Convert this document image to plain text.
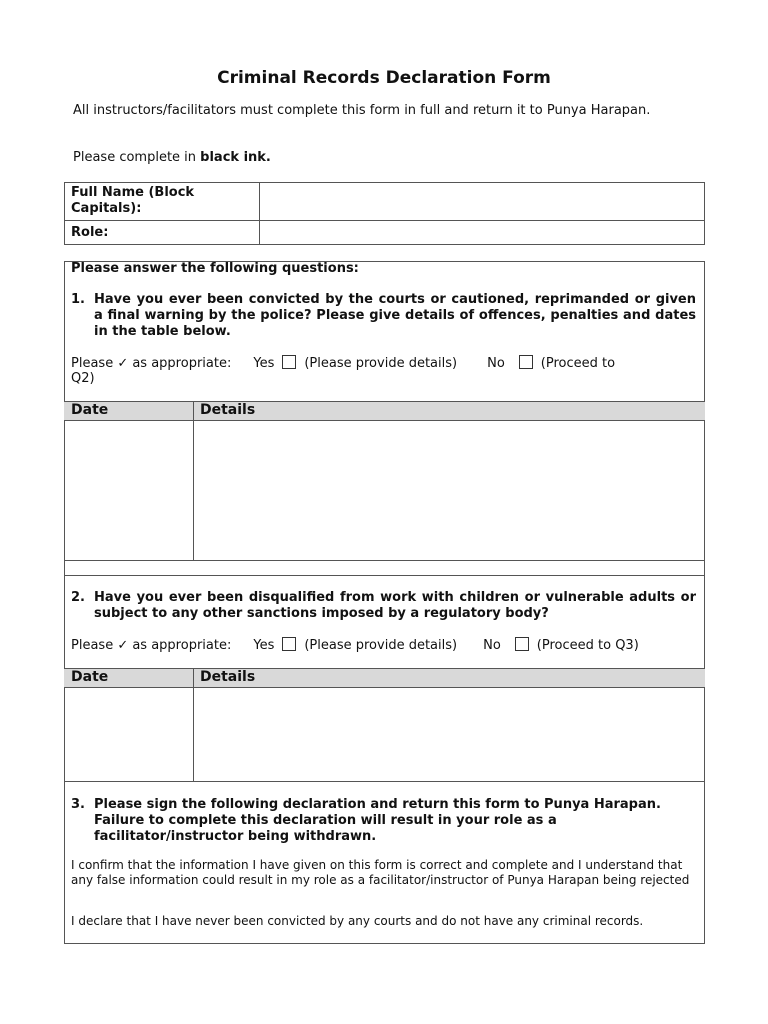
Criminal Records Declaration Form
All instructors/facilitators must complete this form in full and return it to Punya Harapan.
Please complete in black ink.
Full Name (Block Capitals):
Role:
Please answer the following questions:
1. Have you ever been convicted by the courts or cautioned, reprimanded or given a final warning by the police? Please give details of offences, penalties and dates in the table below.
Please ✓ as appropriate: Yes (Please provide details) No	(Proceed to
Q2)
Date	Details
2. Have you ever been disqualified from work with children or vulnerable adults or subject to any other sanctions imposed by a regulatory body?
Please ✓ as appropriate: Yes (Please provide details) No	(Proceed to Q3)
Date	Details
3. Please sign the following declaration and return this form to Punya Harapan. Failure to complete this declaration will result in your role as a facilitator/instructor being withdrawn.
I confirm that the information I have given on this form is correct and complete and I understand that any false information could result in my role as a facilitator/instructor of Punya Harapan being rejected
I declare that I have never been convicted by any courts and do not have any criminal records.
